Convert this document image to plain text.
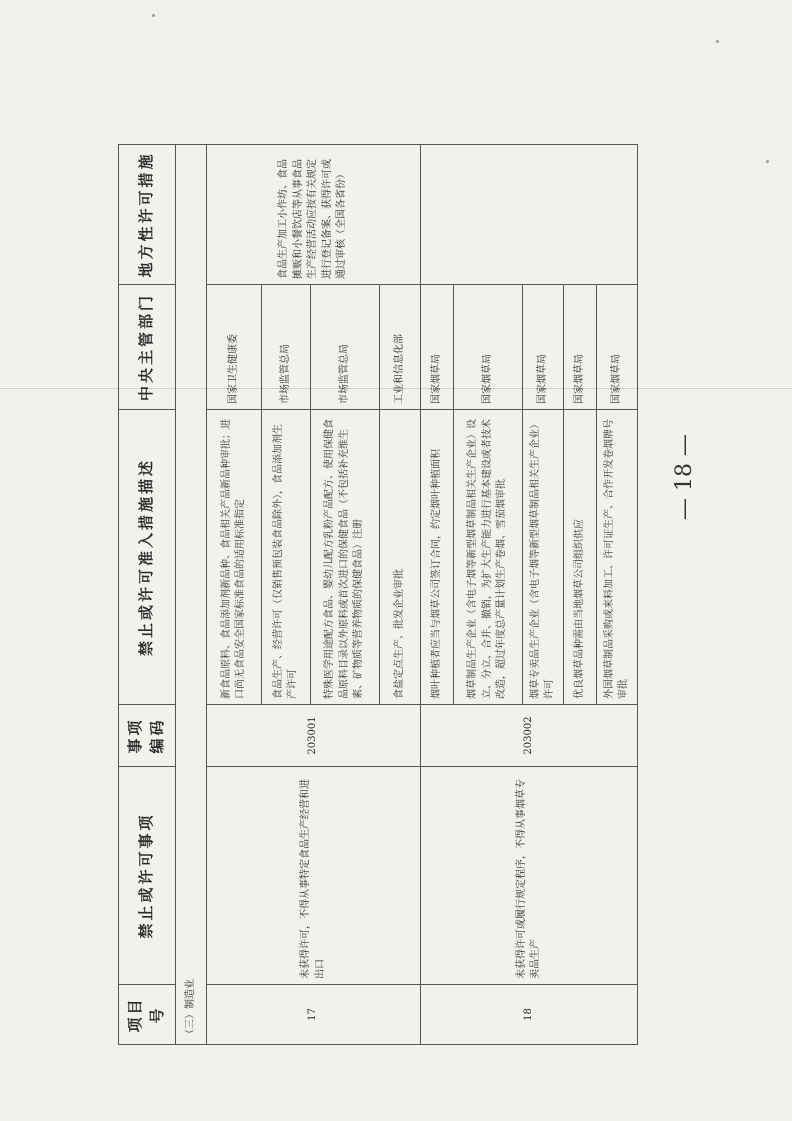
项目号	禁止或许可事项	事项编码	禁止或许可准入措施描述	中央主管部门	地方性许可措施
（三）制造业					
17	未获得许可，不得从事特定食品生产经营和进出口	203001	新食品原料、食品添加剂新品种、食品相关产品新品种审批；进口尚无食品安全国家标准食品的适用标准指定	国家卫生健康委	食品生产加工小作坊、食品摊贩和小餐饮店等从事食品生产经营活动应按有关规定进行登记备案、获得许可或通过审核（全国各省份）
			食品生产、经营许可（仅销售预包装食品除外），食品添加剂生产许可	市场监管总局	
			特殊医学用途配方食品、婴幼儿配方乳粉产品配方、使用保健食品原料目录以外原料或首次进口的保健食品（不包括补充维生素、矿物质等营养物质的保健食品）注册	市场监管总局	
			食盐定点生产、批发企业审批	工业和信息化部	
18	未获得许可或履行规定程序，不得从事烟草专卖品生产	203002	烟叶种植者应当与烟草公司签订合同，约定烟叶种植面积	国家烟草局	
			烟草制品生产企业（含电子烟等新型烟草制品相关生产企业）设立、分立、合并、撤销，为扩大生产能力进行基本建设或者技术改造，超过年度总产量计划生产卷烟、雪茄烟审批	国家烟草局	
			烟草专卖品生产企业（含电子烟等新型烟草制品相关生产企业）许可	国家烟草局	
			优良烟草品种需由当地烟草公司组织供应	国家烟草局	
			外国烟草制品采购或来料加工、许可证生产、合作开发卷烟牌号审批	国家烟草局	
— 18 —
